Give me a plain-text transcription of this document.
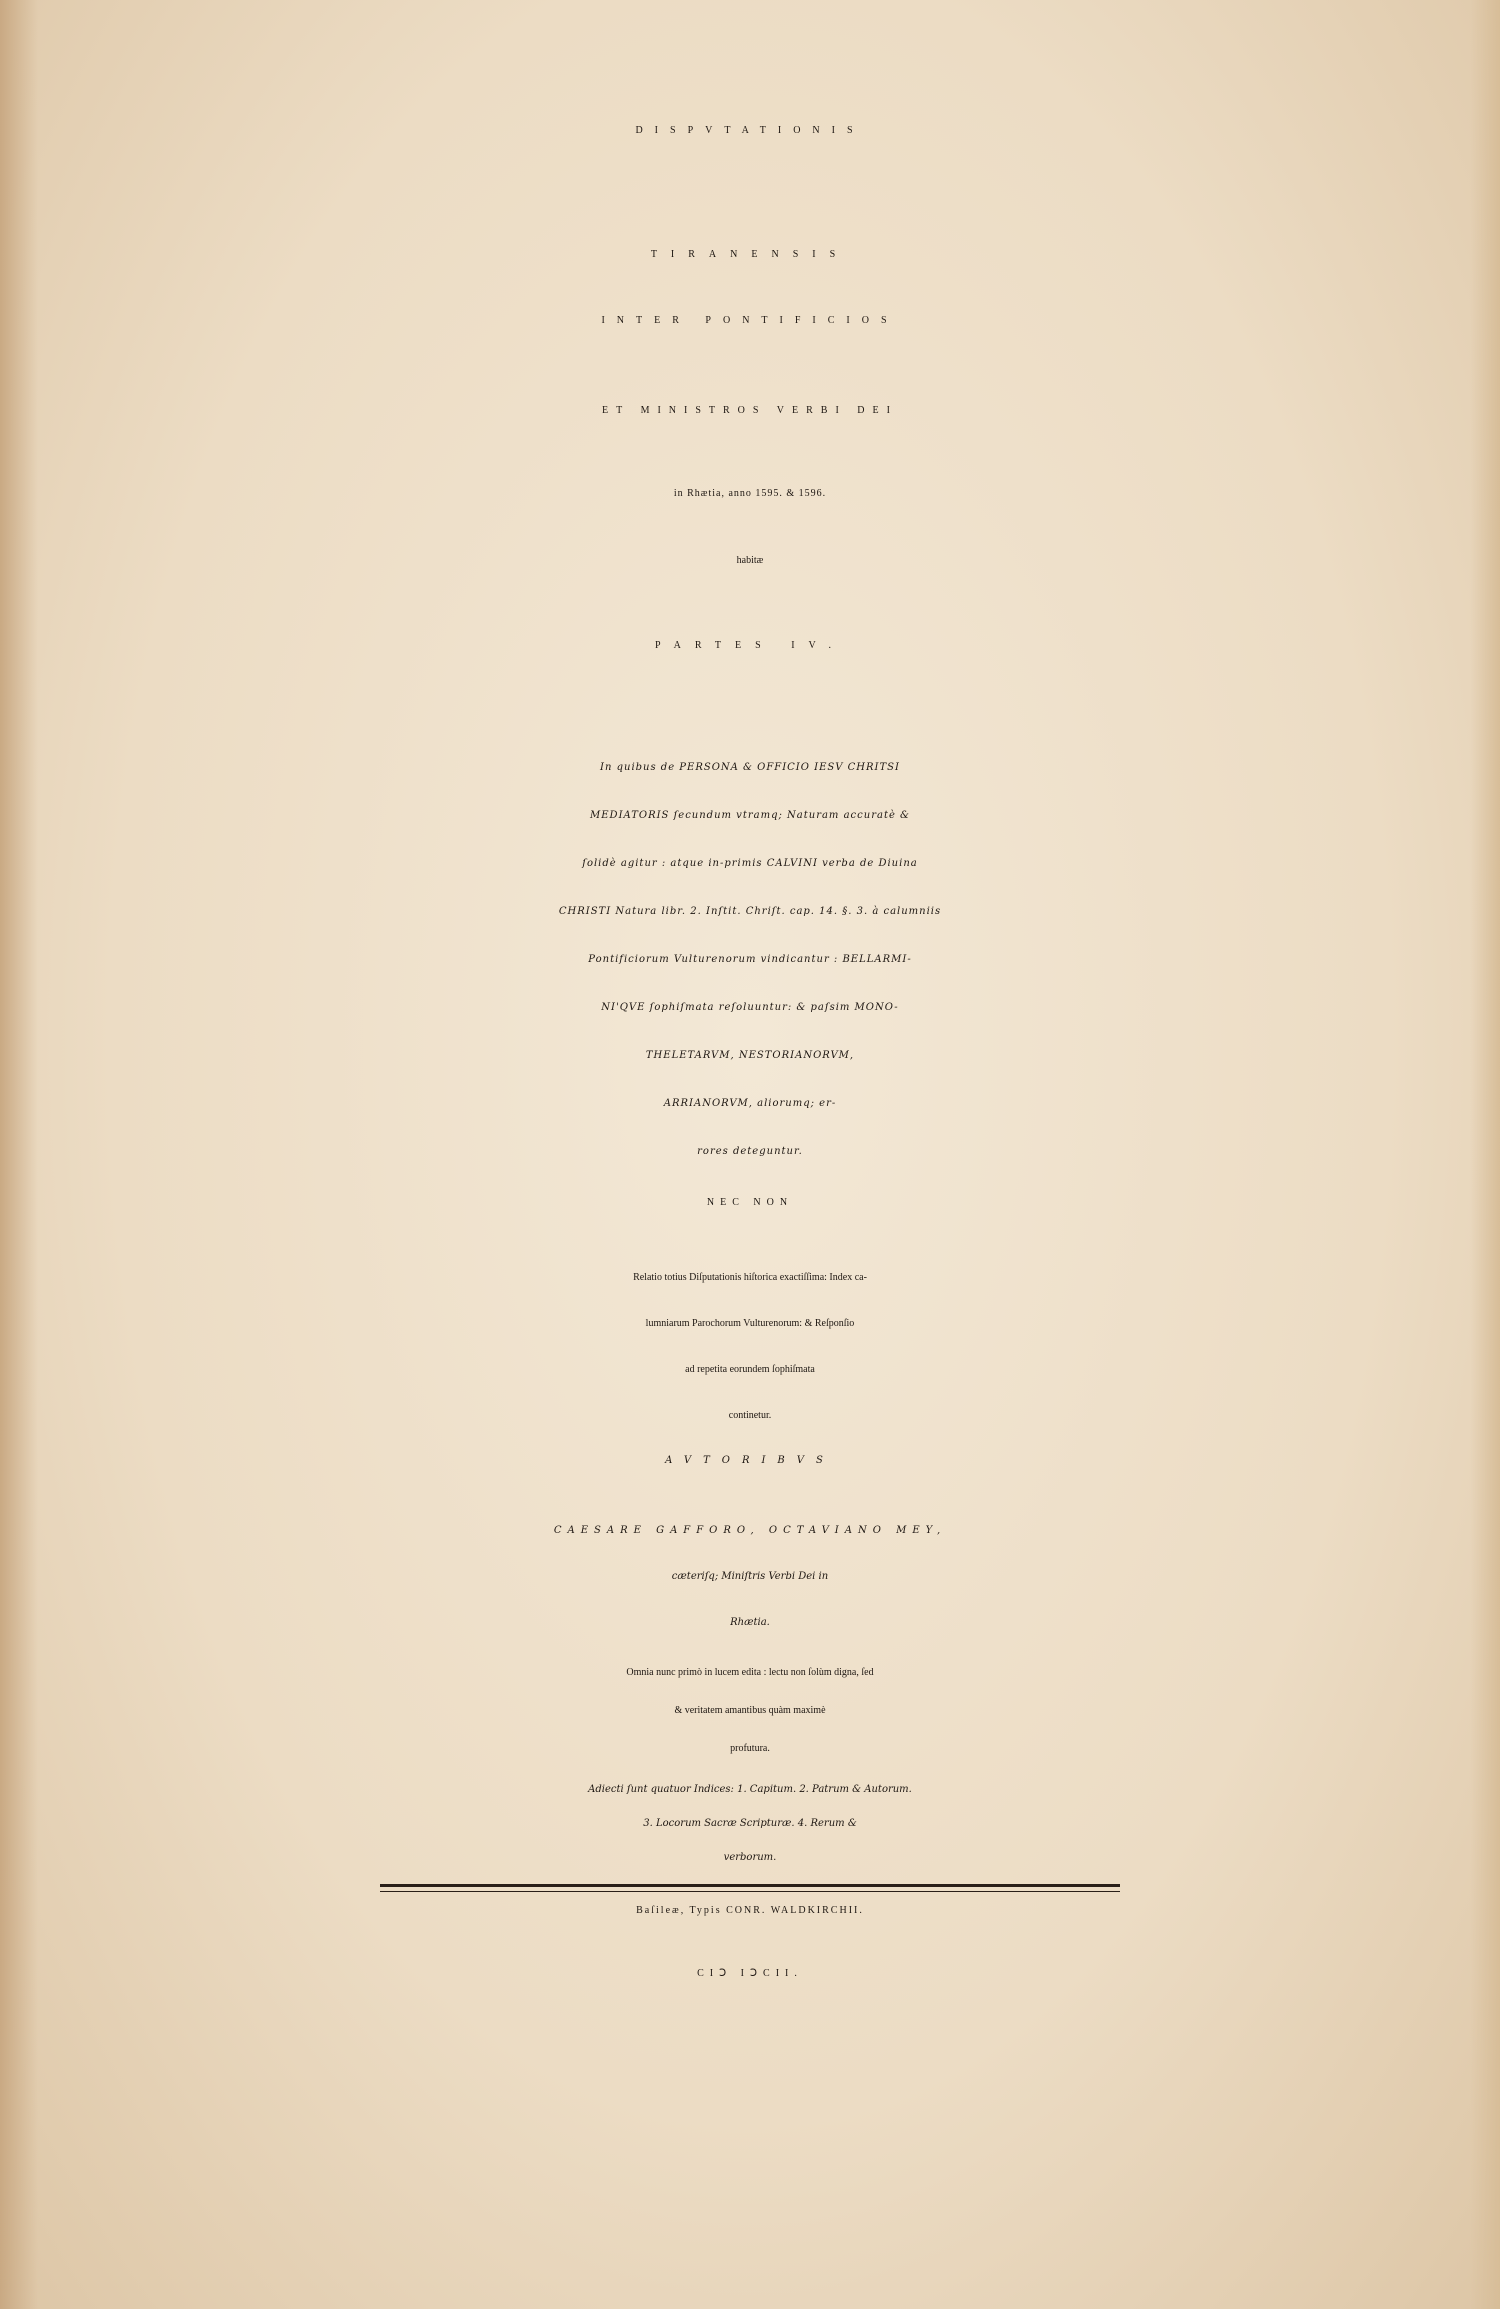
DISPVTATIONIS
TIRANENSIS
INTER PONTIFICIOS
ET MINISTROS VERBI DEI
in Rhætia, anno 1595. & 1596.
habitæ
PARTES IV.
In quibus de PERSONA & OFFICIO IESV CHRITSI
MEDIATORIS ſecundum vtramq; Naturam accuratè &
ſolidè agitur : atque in-primis CALVINI verba de Diuina
CHRISTI Natura libr. 2. Inſtit. Chriſt. cap. 14. §. 3. à calumniis
Pontificiorum Vulturenorum vindicantur : BELLARMI-
NI'QVE ſophiſmata reſoluuntur: & paſsim MONO-
THELETARVM, NESTORIANORVM,
ARRIANORVM, aliorumq; er-
rores deteguntur.
NEC NON
Relatio totius Diſputationis hiſtorica exactiſſima: Index ca-
lumniarum Parochorum Vulturenorum: & Reſponſio
ad repetita eorundem ſophiſmata
continetur.
AVTORIBVS
CAESARE GAFFORO, OCTAVIANO MEY,
cæteriſq; Miniſtris Verbi Dei in
Rhætia.
Omnia nunc primò in lucem edita : lectu non ſolùm digna, ſed
& veritatem amantibus quàm maximè
profutura.
Adiecti ſunt quatuor Indices: 1. Capitum. 2. Patrum & Autorum.
3. Locorum Sacræ Scripturæ. 4. Rerum &
verborum.
Baſileæ, Typis CONR. WALDKIRCHII.
CIↃ IↃCII.
